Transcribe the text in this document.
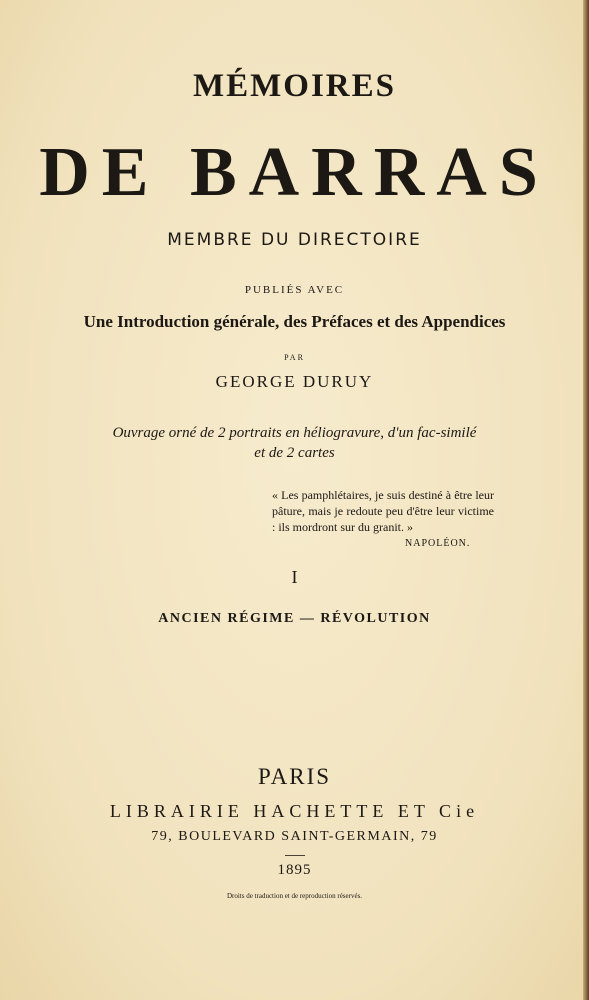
MÉMOIRES
DE BARRAS
MEMBRE DU DIRECTOIRE
PUBLIÉS AVEC
Une Introduction générale, des Préfaces et des Appendices
PAR
GEORGE DURUY
Ouvrage orné de 2 portraits en héliogravure, d'un fac-similé
et de 2 cartes
« Les pamphlétaires, je suis destiné à être leur pâture, mais je redoute peu d'être leur victime : ils mordront sur du granit. »
NAPOLÉON.
I
ANCIEN RÉGIME — RÉVOLUTION
PARIS
LIBRAIRIE HACHETTE ET Cie
79, BOULEVARD SAINT-GERMAIN, 79
1895
Droits de traduction et de reproduction réservés.
